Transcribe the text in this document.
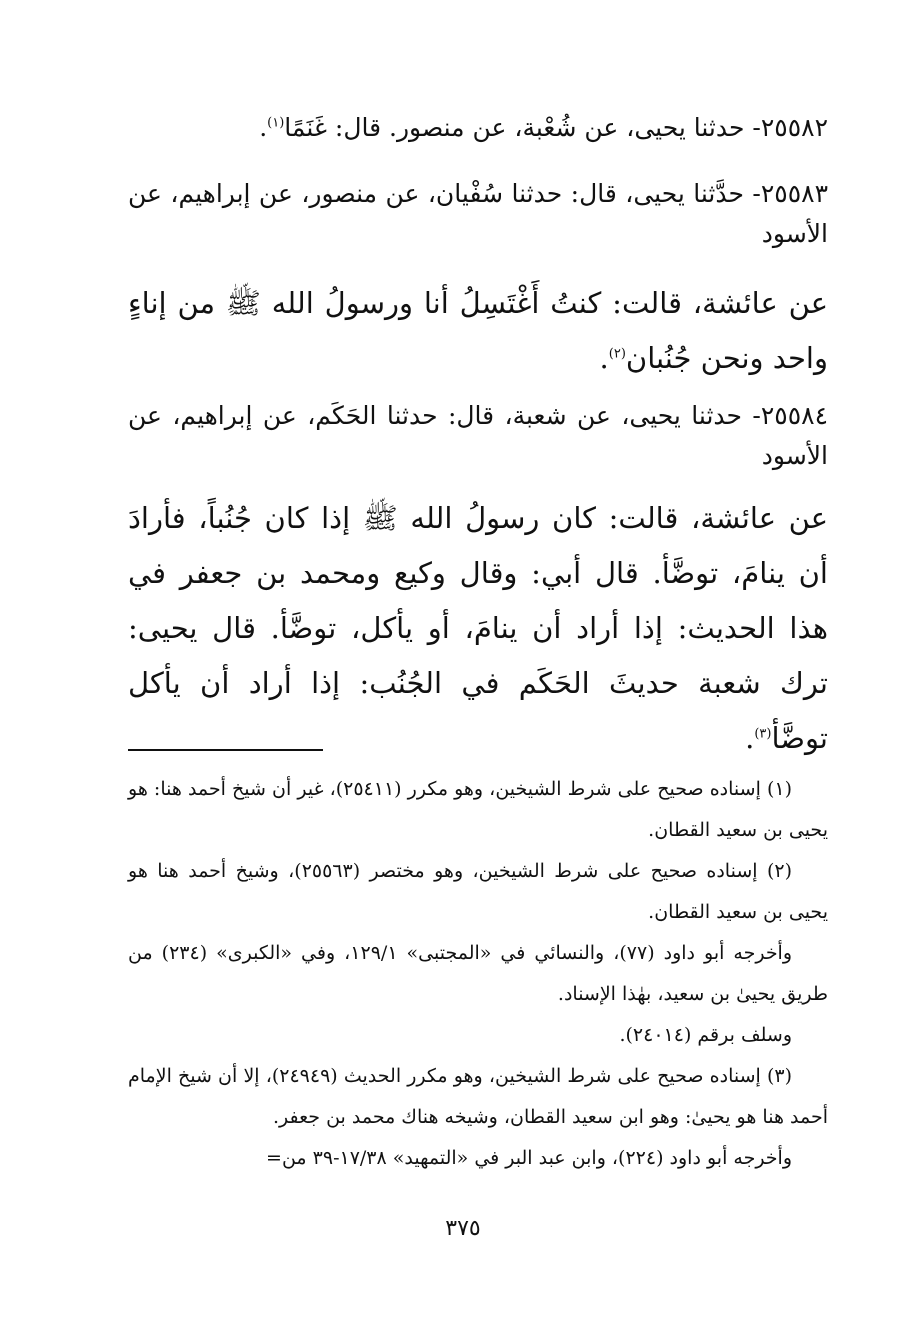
٢٥٥٨٢- حدثنا يحيى، عن شُعْبة، عن منصور. قال: غَنَمًا$^{(١)}$.

٢٥٥٨٣- حدَّثنا يحيى، قال: حدثنا سُفْيان، عن منصور، عن إبراهيم، عن الأسود

عن عائشة، قالت: كنتُ أَغْتَسِلُ أنا ورسولُ الله ﷺ من إناءٍ واحد ونحن جُنُبان$^{(٢)}$.

٢٥٥٨٤- حدثنا يحيى، عن شعبة، قال: حدثنا الحَكَم، عن إبراهيم، عن الأسود

عن عائشة، قالت: كان رسولُ الله ﷺ إذا كان جُنُباً، فأرادَ أن ينامَ، توضَّأ. قال أبي: وقال وكيع ومحمد بن جعفر في هذا الحديث: إذا أراد أن ينامَ، أو يأكل، توضَّأ. قال يحيى: ترك شعبة حديثَ الحَكَم في الجُنُب: إذا أراد أن يأكل توضَّأ$^{(٣)}$.

(١) إسناده صحيح على شرط الشيخين، وهو مكرر (٢٥٤١١)، غير أن شيخ أحمد هنا: هو يحيى بن سعيد القطان.

(٢) إسناده صحيح على شرط الشيخين، وهو مختصر (٢٥٥٦٣)، وشيخ أحمد هنا هو يحيى بن سعيد القطان.

وأخرجه أبو داود (٧٧)، والنسائي في «المجتبى» ١٢٩/١، وفي «الكبرى» (٢٣٤) من طريق يحيىٰ بن سعيد، بهٰذا الإسناد.

وسلف برقم (٢٤٠١٤).

(٣) إسناده صحيح على شرط الشيخين، وهو مكرر الحديث (٢٤٩٤٩)، إلا أن شيخ الإمام أحمد هنا هو يحيىٰ: وهو ابن سعيد القطان، وشيخه هناك محمد بن جعفر.

وأخرجه أبو داود (٢٢٤)، وابن عبد البر في «التمهيد» ١٧/٣٨-٣٩ من=

٣٧٥
